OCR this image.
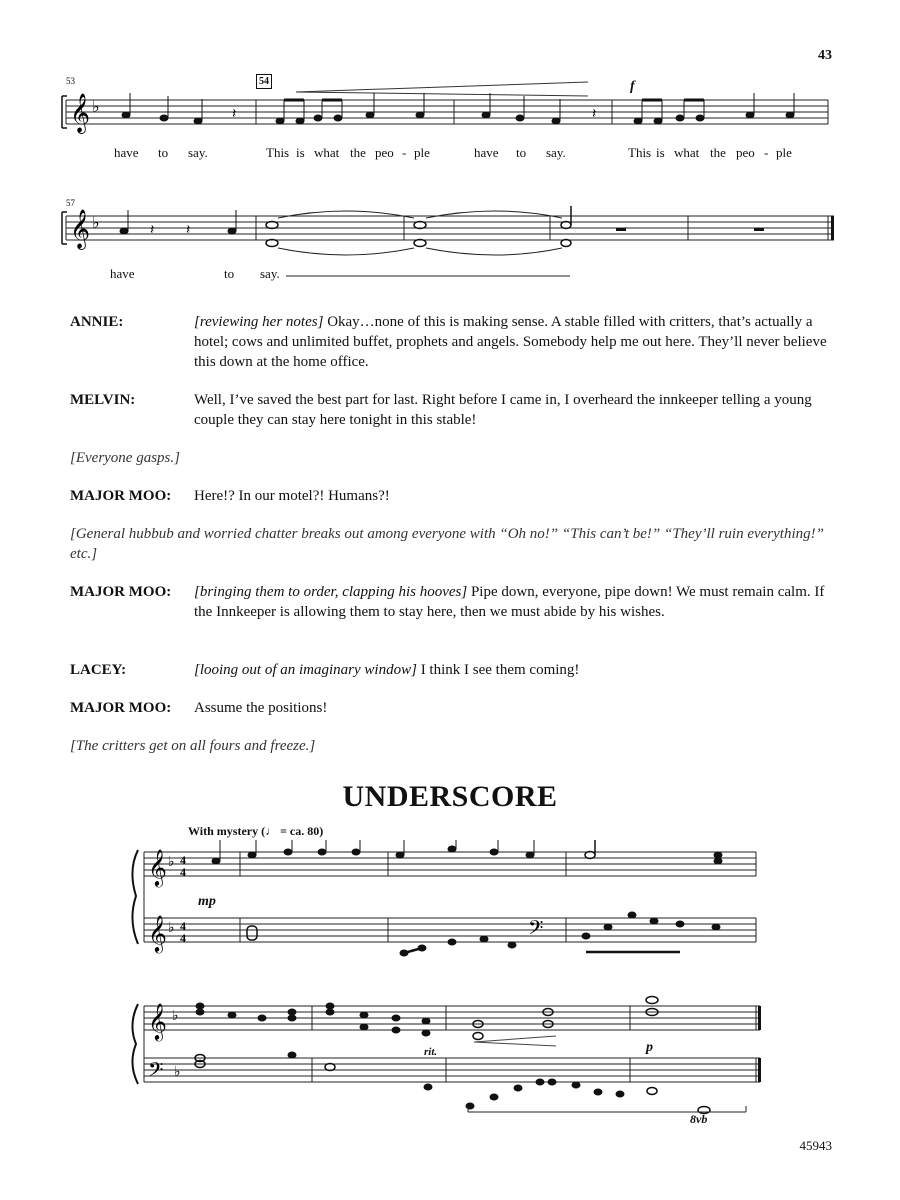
43
53	54	f
𝄞 ♭	𝄽	𝄽
have to say.	This is what the peo - ple	have to say.	This is what the peo - ple
57
𝄞 ♭	𝄽 𝄽
have	to say.
ANNIE:	[reviewing her notes] Okay…none of this is making sense. A stable filled with critters, that’s actually a hotel; cows and unlimited buffet, prophets and angels. Somebody help me out here. They’ll never believe this down at the home office.
MELVIN:	Well, I’ve saved the best part for last. Right before I came in, I overheard the innkeeper telling a young couple they can stay here tonight in this stable!
[Everyone gasps.]
MAJOR MOO: Here!? In our motel?! Humans?!
[General hubbub and worried chatter breaks out among everyone with “Oh no!” “This can’t be!” “They’ll ruin everything!” etc.]
MAJOR MOO: [bringing them to order, clapping his hooves] Pipe down, everyone, pipe down! We must remain calm. If the Innkeeper is allowing them to stay here, then we must abide by his wishes.
LACEY:	[looing out of an imaginary window] I think I see them coming!
MAJOR MOO: Assume the positions!
[The critters get on all fours and freeze.]
UNDERSCORE
With mystery (♩ = ca. 80)
mp
rit.	p
8vb
𝄞
𝄞
♭
♭
4
4
4
4	𝄢
𝄞
𝄢
♭
♭
45943
